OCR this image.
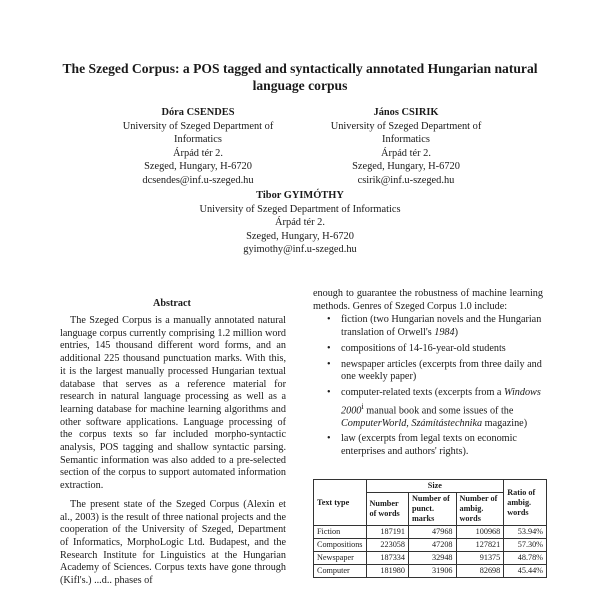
The Szeged Corpus: a POS tagged and syntactically annotated Hungarian natural language corpus
Dóra CSENDES
University of Szeged Department of Informatics
Árpád tér 2.
Szeged, Hungary, H-6720
dcsendes@inf.u-szeged.hu
János CSIRIK
University of Szeged Department of Informatics
Árpád tér 2.
Szeged, Hungary, H-6720
csirik@inf.u-szeged.hu
Tibor GYIMÓTHY
University of Szeged Department of Informatics
Árpád tér 2.
Szeged, Hungary, H-6720
gyimothy@inf.u-szeged.hu
Abstract

The Szeged Corpus is a manually annotated natural language corpus currently comprising 1.2 million word entries, 145 thousand different word forms, and an additional 225 thousand punctuation marks. With this, it is the largest manually processed Hungarian textual database that serves as a reference material for research in natural language processing as well as a learning database for machine learning algorithms and other software applications. Language processing of the corpus texts so far included morpho-syntactic analysis, POS tagging and shallow syntactic parsing. Semantic information was also added to a pre-selected section of the corpus to support automated information extraction.

The present state of the Szeged Corpus (Alexin et al., 2003) is the result of three national projects and the cooperation of the University of Szeged, Department of Informatics, MorphoLogic Ltd. Budapest, and the Research Institute for Linguistics at the Hungarian Academy of Sciences. Corpus texts have gone through (Kifl's.) ...d.. phases of

enough to guarantee the robustness of machine learning methods. Genres of Szeged Corpus 1.0 include:

• fiction (two Hungarian novels and the Hungarian translation of Orwell's 1984)
• compositions of 14-16-year-old students
• newspaper articles (excerpts from three daily and one weekly paper)
• computer-related texts (excerpts from a Windows 2000$^i$ manual book and some issues of the ComputerWorld, Számítástechnika magazine)
• law (excerpts from legal texts on economic enterprises and authors' rights).
Text type	Size			Ratio of ambig. words
	Number of words	Number of punct. marks	Number of ambig. words	
Fiction	187191	47968	100968	53.94%
Compositions	223058	47208	127821	57.30%
Newspaper	187334	32948	91375	48.78%
Computer	181980	31906	82698	45.44%
